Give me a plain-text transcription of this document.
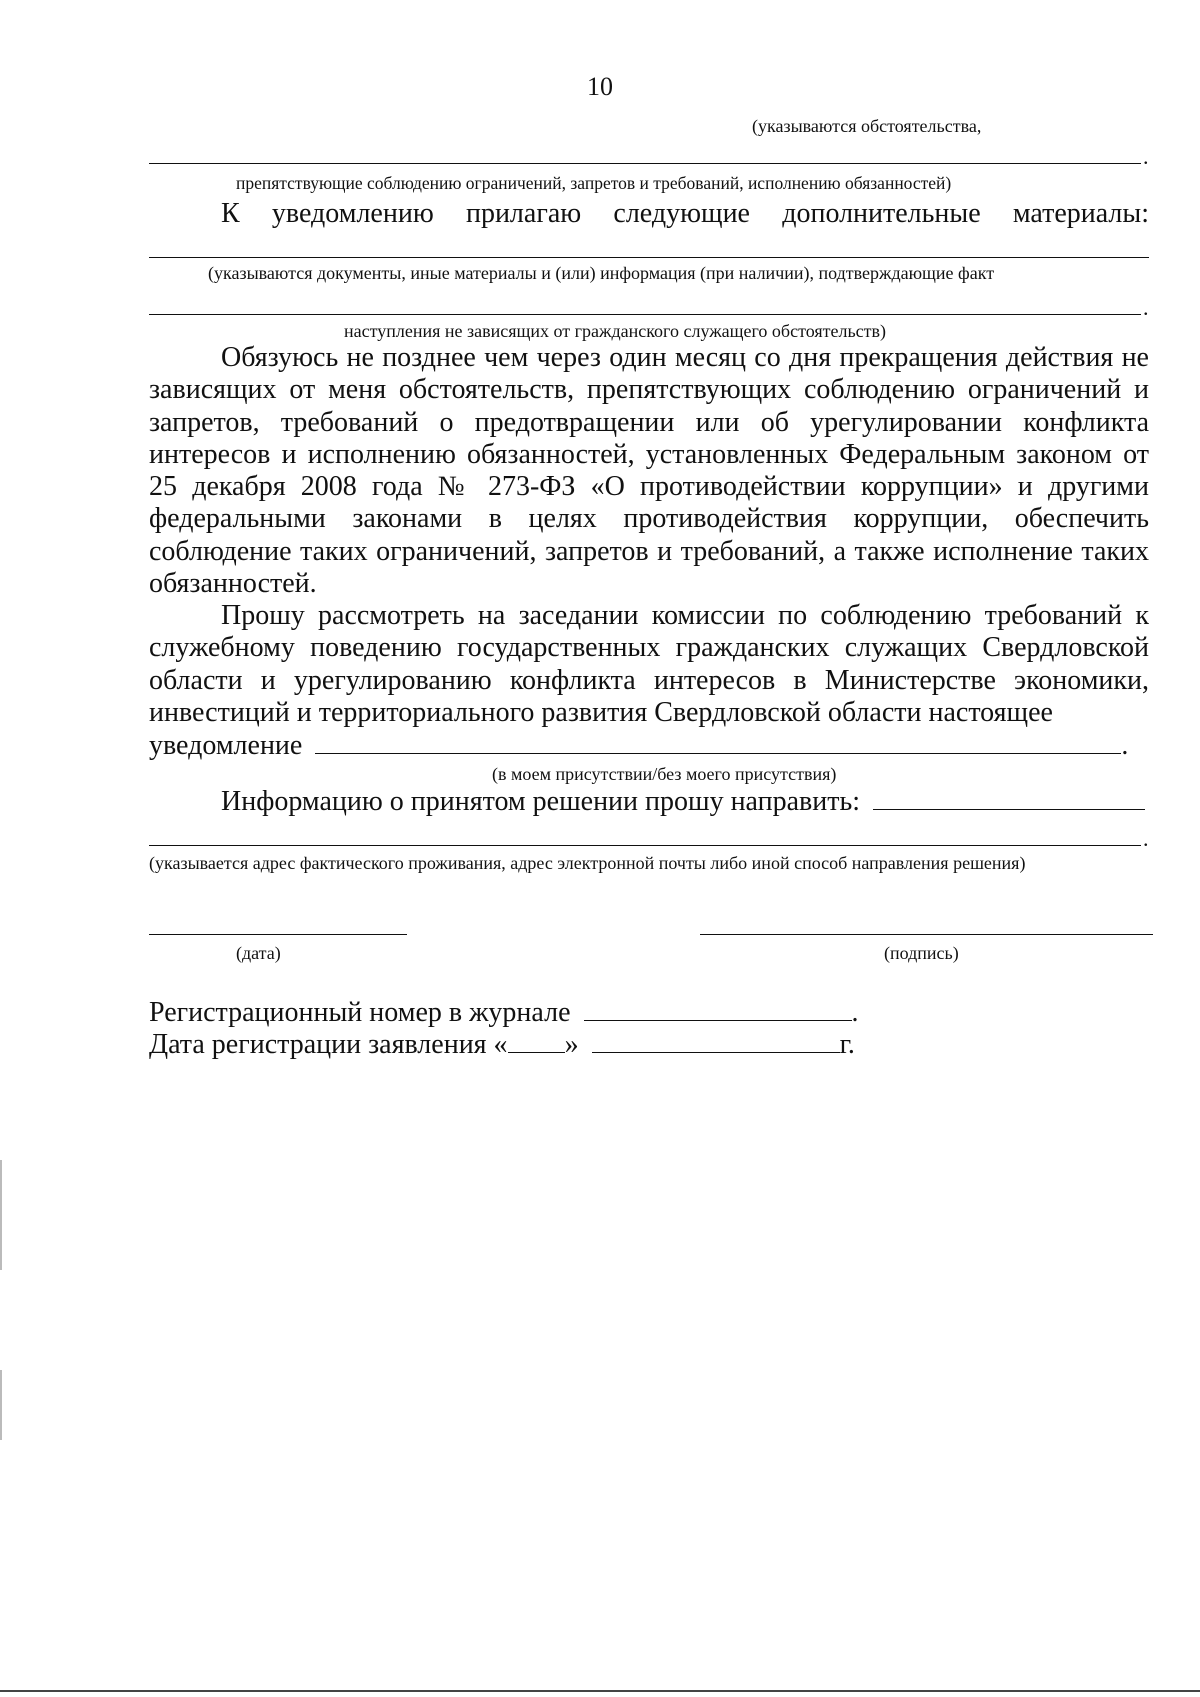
10
(указываются обстоятельства,
.
препятствующие соблюдению ограничений, запретов и требований, исполнению обязанностей)
К уведомлению прилагаю следующие дополнительные материалы:
(указываются документы, иные материалы и (или) информация (при наличии), подтверждающие факт
.
наступления не зависящих от гражданского служащего обстоятельств)
Обязуюсь не позднее чем через один месяц со дня прекращения действия не зависящих от меня обстоятельств, препятствующих соблюдению ограничений и запретов, требований о предотвращении или об урегулировании конфликта интересов и исполнению обязанностей, установленных Федеральным законом от 25 декабря 2008 года № 273-ФЗ «О противодействии коррупции» и другими федеральными законами в целях противодействия коррупции, обеспечить соблюдение таких ограничений, запретов и требований, а также исполнение таких обязанностей.
Прошу рассмотреть на заседании комиссии по соблюдению требований к служебному поведению государственных гражданских служащих Свердловской области и урегулированию конфликта интересов в Министерстве экономики, инвестиций и территориального развития Свердловской области настоящее
уведомление	.
(в моем присутствии/без моего присутствия)
Информацию о принятом решении прошу направить:
.
(указывается адрес фактического проживания, адрес электронной почты либо иной способ направления решения)
(дата)	(подпись)
Регистрационный номер в журнале	.
Дата регистрации заявления « »	г.
